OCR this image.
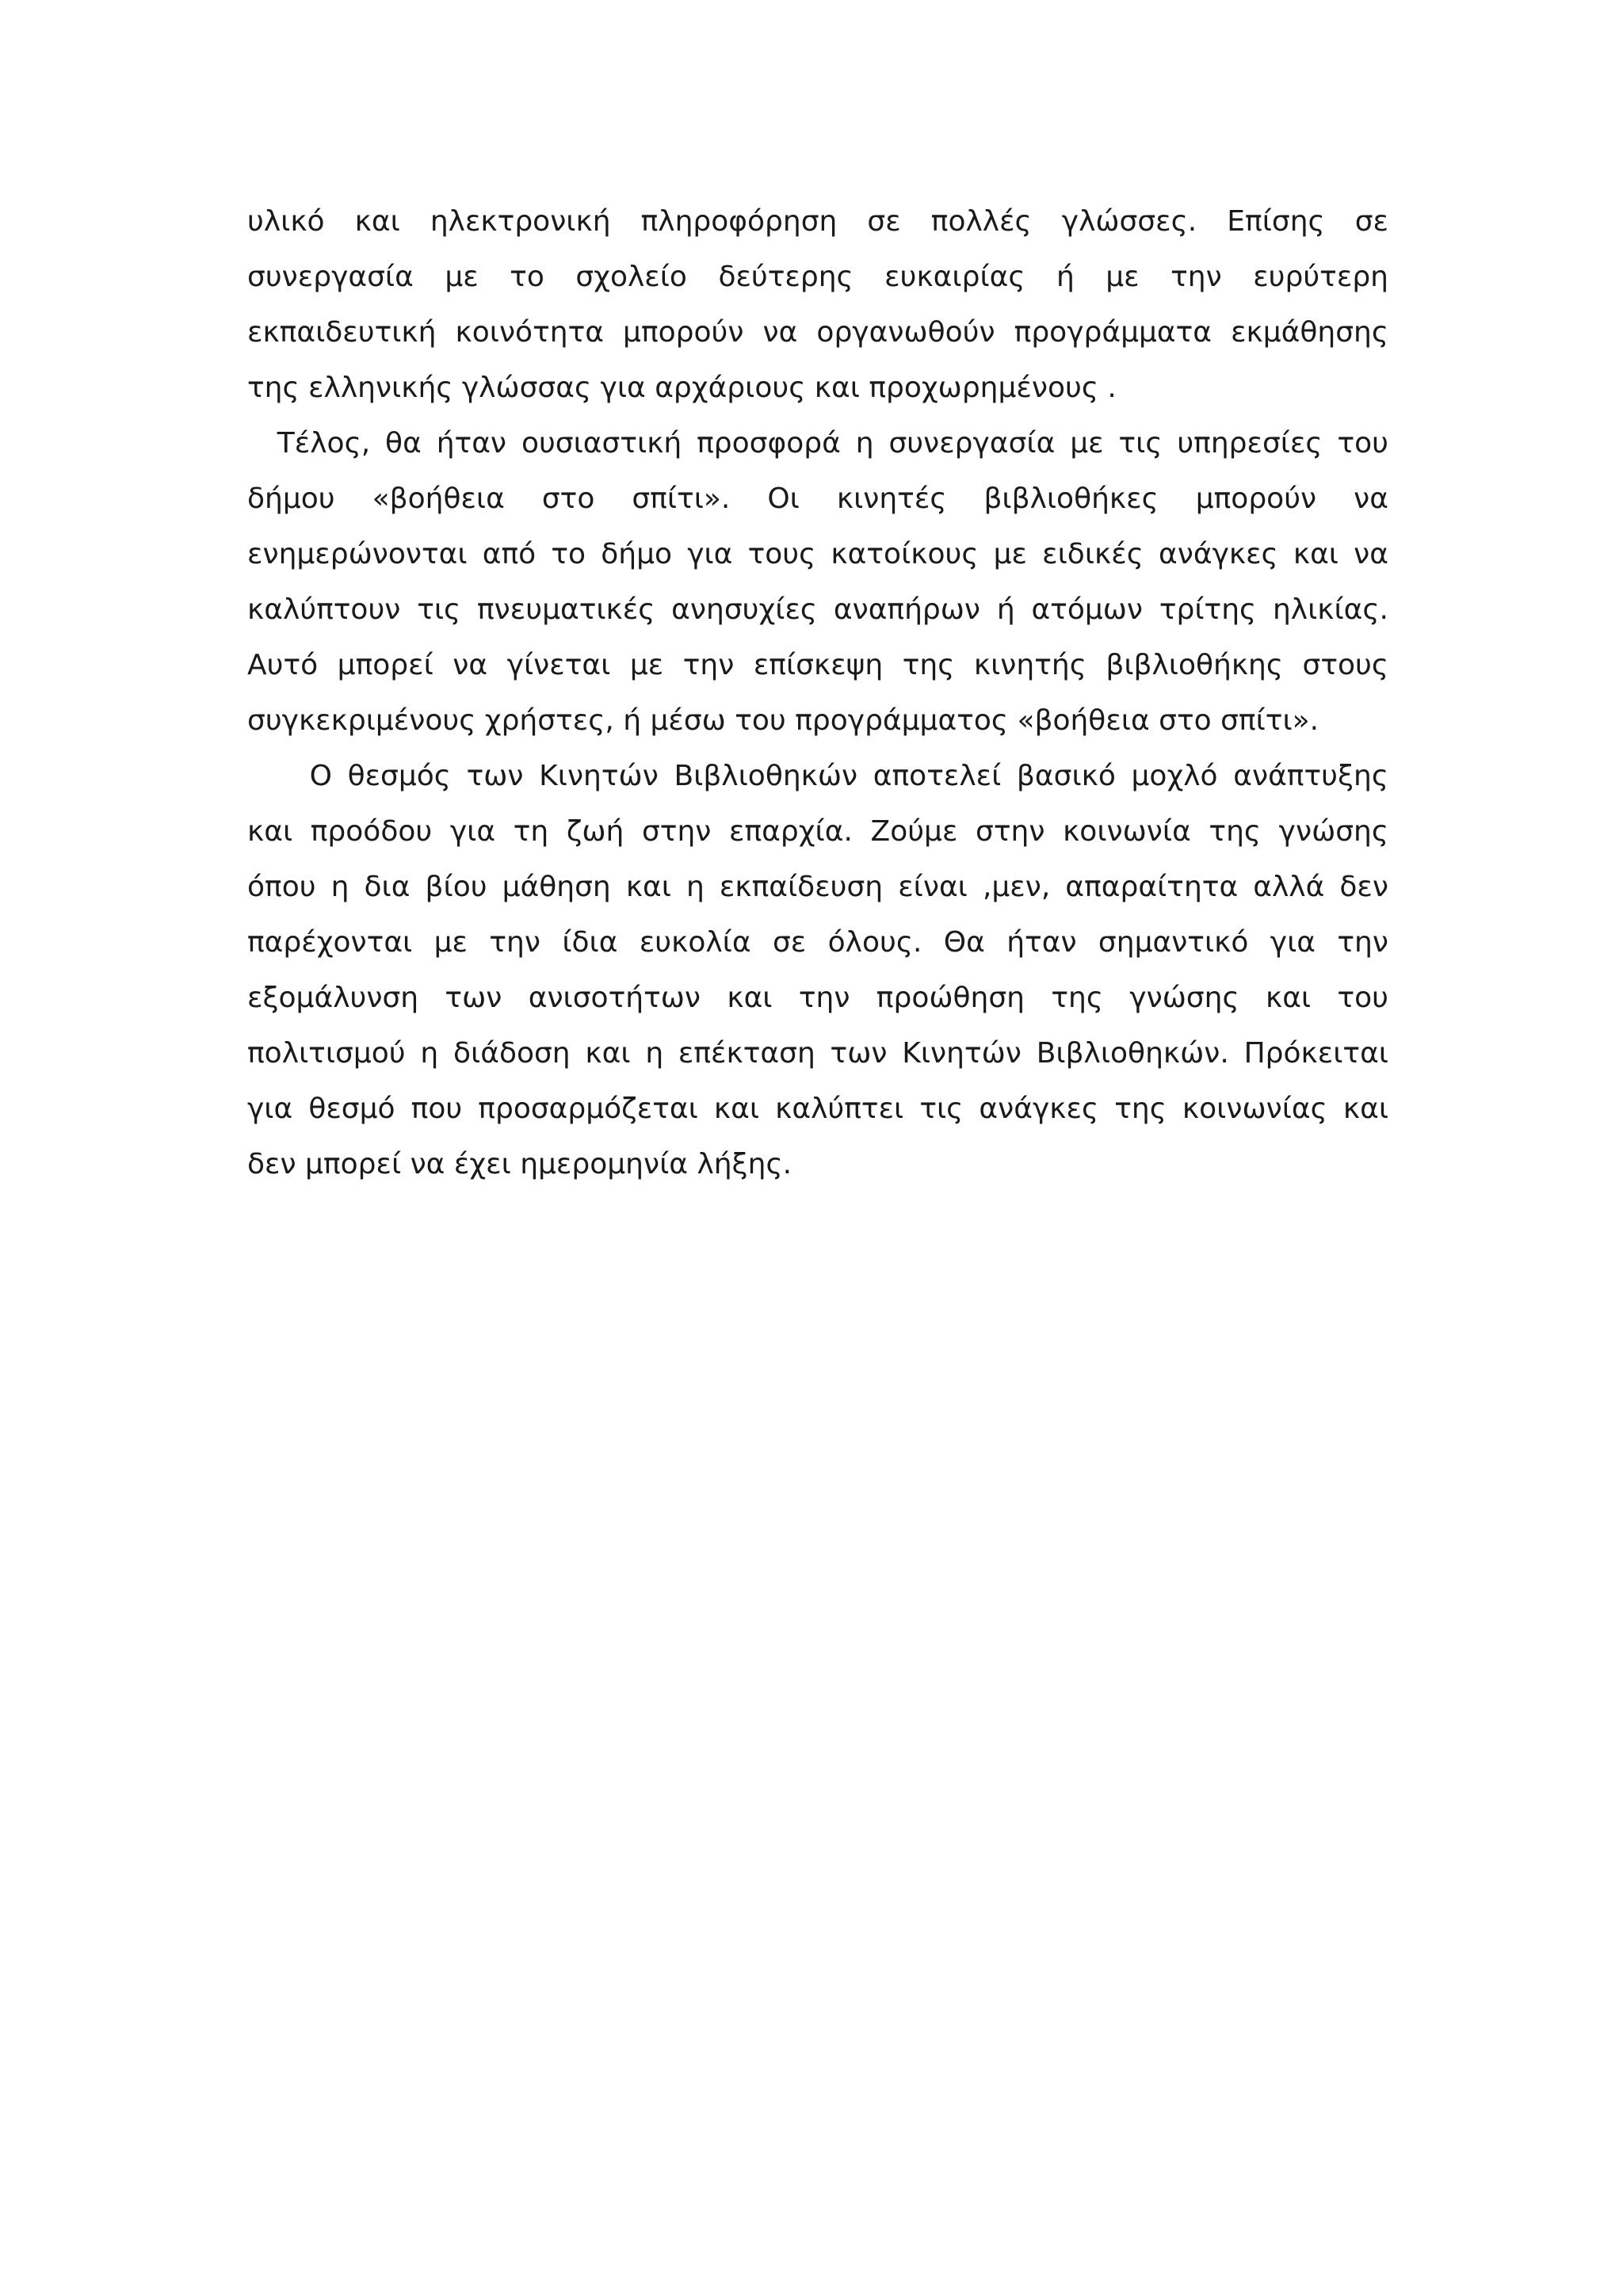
υλικό και ηλεκτρονική πληροφόρηση σε πολλές γλώσσες. Επίσης σε
συνεργασία με το σχολείο δεύτερης ευκαιρίας ή με την ευρύτερη
εκπαιδευτική κοινότητα μπορούν να οργανωθούν προγράμματα εκμάθησης
της ελληνικής γλώσσας για αρχάριους και προχωρημένους .
Τέλος, θα ήταν ουσιαστική προσφορά η συνεργασία με τις υπηρεσίες του
δήμου «βοήθεια στο σπίτι». Οι κινητές βιβλιοθήκες μπορούν να
ενημερώνονται από το δήμο για τους κατοίκους με ειδικές ανάγκες και να
καλύπτουν τις πνευματικές ανησυχίες αναπήρων ή ατόμων τρίτης ηλικίας.
Αυτό μπορεί να γίνεται με την επίσκεψη της κινητής βιβλιοθήκης στους
συγκεκριμένους χρήστες, ή μέσω του προγράμματος «βοήθεια στο σπίτι».
Ο θεσμός των Κινητών Βιβλιοθηκών αποτελεί βασικό μοχλό ανάπτυξης
και προόδου για τη ζωή στην επαρχία. Ζούμε στην κοινωνία της γνώσης
όπου η δια βίου μάθηση και η εκπαίδευση είναι ,μεν, απαραίτητα αλλά δεν
παρέχονται με την ίδια ευκολία σε όλους. Θα ήταν σημαντικό για την
εξομάλυνση των ανισοτήτων και την προώθηση της γνώσης και του
πολιτισμού η διάδοση και η επέκταση των Κινητών Βιβλιοθηκών. Πρόκειται
για θεσμό που προσαρμόζεται και καλύπτει τις ανάγκες της κοινωνίας και
δεν μπορεί να έχει ημερομηνία λήξης.
